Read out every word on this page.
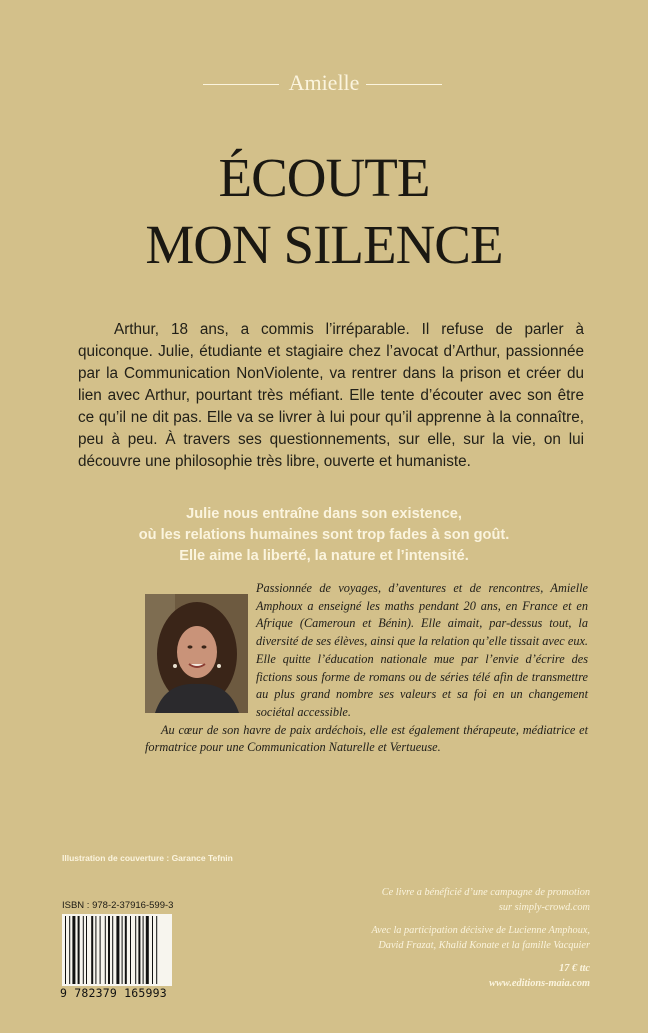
Amielle
ÉCOUTE
MON SILENCE

Arthur, 18 ans, a commis l’irréparable. Il refuse de parler à quiconque. Julie, étudiante et stagiaire chez l’avocat d’Arthur, passionnée par la Communication NonViolente, va rentrer dans la prison et créer du lien avec Arthur, pourtant très méfiant. Elle tente d’écouter avec son être ce qu’il ne dit pas. Elle va se livrer à lui pour qu’il apprenne à la connaître, peu à peu. À travers ses questionnements, sur elle, sur la vie, on lui découvre une philosophie très libre, ouverte et humaniste.

Julie nous entraîne dans son existence,
où les relations humaines sont trop fades à son goût.
Elle aime la liberté, la nature et l’intensité.

Passionnée de voyages, d’aventures et de rencontres, Amielle Amphoux a enseigné les maths pendant 20 ans, en France et en Afrique (Cameroun et Bénin). Elle aimait, par-dessus tout, la diversité de ses élèves, ainsi que la relation qu’elle tissait avec eux. Elle quitte l’éducation nationale mue par l’envie d’écrire des fictions sous forme de romans ou de séries télé afin de transmettre au plus grand nombre ses valeurs et sa foi en un changement sociétal accessible.

Au cœur de son havre de paix ardéchois, elle est également thérapeute, médiatrice et formatrice pour une Communication Naturelle et Vertueuse.

Illustration de couverture : Garance Tefnin
ISBN : 978-2-37916-599-3
9 782379 165993
Ce livre a bénéficié d’une campagne de promotion
sur simply-crowd.com
Avec la participation décisive de Lucienne Amphoux,
David Frazat, Khalid Konate et la famille Vacquier
17 € ttc
www.editions-maia.com
